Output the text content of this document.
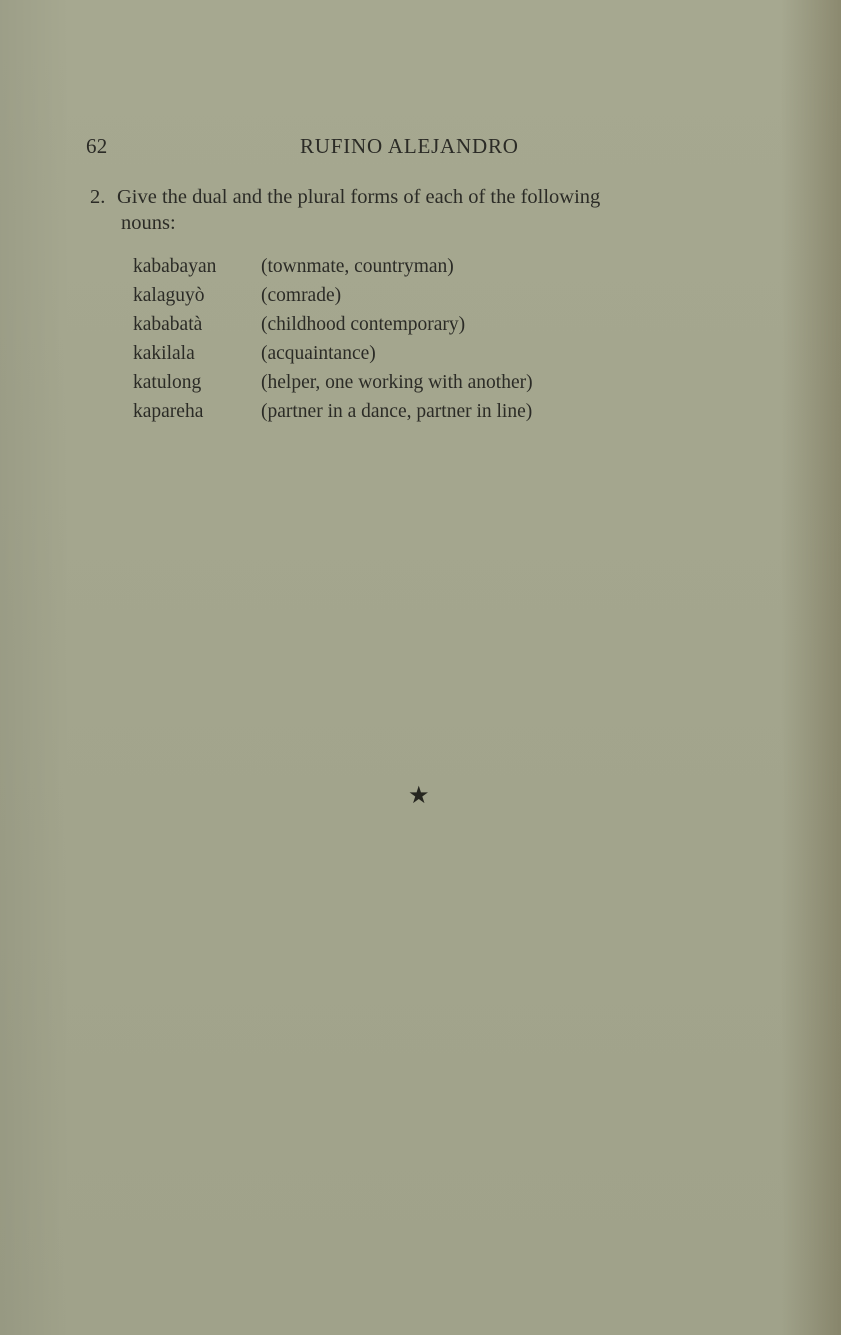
62	RUFINO ALEJANDRO
2. Give the dual and the plural forms of each of the following
nouns:
kababayan	(townmate, countryman)
kalaguyò	(comrade)
kababatà	(childhood contemporary)
kakilala	(acquaintance)
katulong	(helper, one working with another)
kapareha	(partner in a dance, partner in line)
★
